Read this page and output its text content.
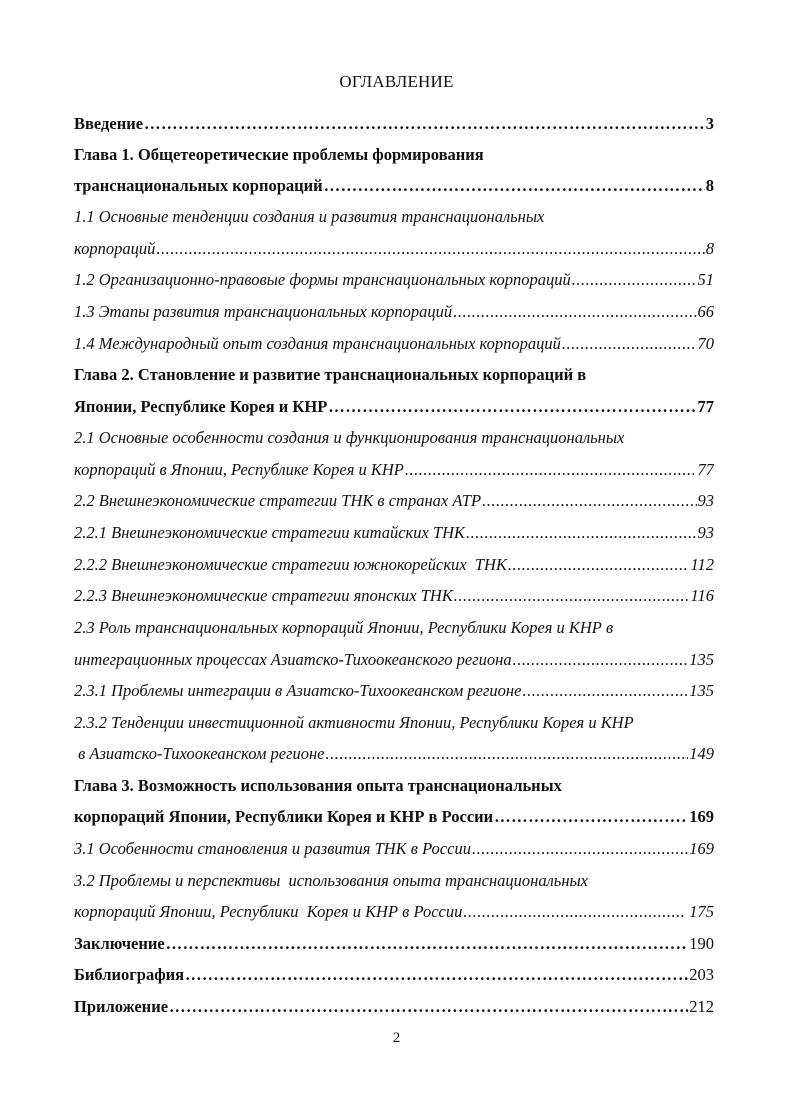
ОГЛАВЛЕНИЕ
Введение …………………………………………………………………………………………………………………………………………………………………………………………………………………………	3
Глава 1. Общетеоретические проблемы формирования
транснациональных корпораций …………………………………………………………………………………………………………………………………………………………………………………………………………………………	8
1.1 Основные тенденции создания и развития транснациональных
корпораций .....	8
1.2 Организационно-правовые формы транснациональных корпораций .....	51
1.3 Этапы развития транснациональных корпораций .....	66
1.4 Международный опыт создания транснациональных корпораций .....	70
Глава 2. Становление и развитие транснациональных корпораций в
Японии, Республике Корея и КНР …………………………………………………………………………………………………………………………………………………………………………………………………………………………	77
2.1 Основные особенности создания и функционирования транснациональных
корпораций в Японии, Республике Корея и КНР .....	77
2.2 Внешнеэкономические стратегии ТНК в странах АТР .....	93
2.2.1 Внешнеэкономические стратегии китайских ТНК .....	93
2.2.2 Внешнеэкономические стратегии южнокорейских  ТНК .....	112
2.2.3 Внешнеэкономические стратегии японских ТНК .....	116
2.3 Роль транснациональных корпораций Японии, Республики Корея и КНР в
интеграционных процессах Азиатско-Тихоокеанского региона .....	135
2.3.1 Проблемы интеграции в Азиатско-Тихоокеанском регионе .....	135
2.3.2 Тенденции инвестиционной активности Японии, Республики Корея и КНР
в Азиатско-Тихоокеанском регионе .....	149
Глава 3. Возможность использования опыта транснациональных
корпораций Японии, Республики Корея и КНР в России …………………………………………………………………………………………………………………………………………………………………………………………………………………………	169
3.1 Особенности становления и развития ТНК в России .....	169
3.2 Проблемы и перспективы  использования опыта транснациональных
корпораций Японии, Республики  Корея и КНР в России .....	175
Заключение …………………………………………………………………………………………………………………………………………………………………………………………………………………………	190
Библиография …………………………………………………………………………………………………………………………………………………………………………………………………………………………	203
Приложение …………………………………………………………………………………………………………………………………………………………………………………………………………………………	212
2
